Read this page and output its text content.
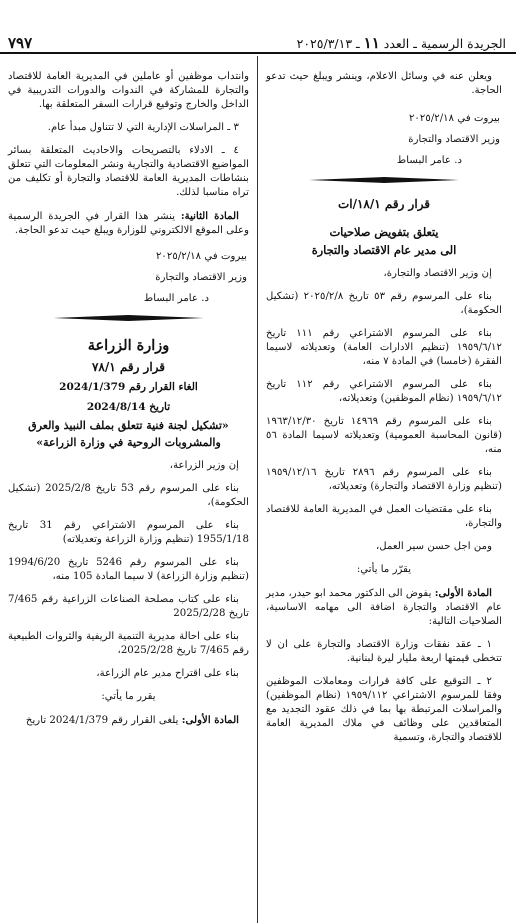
٧٩٧	الجريدة الرسمية ـ العدد ١١ ـ ٢٠٢٥/٣/١٣

ويعلن عنه في وسائل الاعلام، وينشر ويبلغ حيث تدعو الحاجة.

بيروت في ٢٠٢٥/٢/١٨

وزير الاقتصاد والتجارة

د. عامر البساط

قرار رقم ١٨/١/ات

يتعلق بتفويض صلاحيات

الى مدير عام الاقتصاد والتجارة

إن وزير الاقتصاد والتجارة،

بناء على المرسوم رقم ٥٣ تاريخ ٢٠٢٥/٢/٨ (تشكيل الحكومة)،

بناء على المرسوم الاشتراعي رقم ١١١ تاريخ ١٩٥٩/٦/١٢ (تنظيم الادارات العامة) وتعديلاته لاسيما الفقرة (خامسا) في المادة ٧ منه،

بناء على المرسوم الاشتراعي رقم ١١٢ تاريخ ١٩٥٩/٦/١٢ (نظام الموظفين) وتعديلاته،

بناء على المرسوم رقم ١٤٩٦٩ تاريخ ١٩٦٣/١٢/٣٠ (قانون المحاسبة العمومية) وتعديلاته لاسيما المادة ٥٦ منه،

بناء على المرسوم رقم ٢٨٩٦ تاريخ ١٩٥٩/١٢/١٦ (تنظيم وزارة الاقتصاد والتجارة) وتعديلاته،

بناء على مقتضيات العمل في المديرية العامة للاقتصاد والتجارة،

ومن اجل حسن سير العمل،

يقرّر ما يأتي:

المادة الأولى: يفوض الى الدكتور محمد ابو حيدر، مدير عام الاقتصاد والتجارة اضافة الى مهامه الاساسية، الصلاحيات التالية:

١ ـ عقد نفقات وزارة الاقتصاد والتجارة على ان لا تتخطى قيمتها اربعة مليار ليرة لبنانية.

٢ ـ التوقيع على كافة قرارات ومعاملات الموظفين وفقا للمرسوم الاشتراعي ١٩٥٩/١١٢ (نظام الموظفين) والمراسلات المرتبطة بها بما في ذلك عقود التجديد مع المتعاقدين على وظائف في ملاك المديرية العامة للاقتصاد والتجارة، وتسمية

وانتداب موظفين أو عاملين في المديرية العامة للاقتصاد والتجارة للمشاركة في الندوات والدورات التدريبية في الداخل والخارج وتوقيع قرارات السفر المتعلقة بها.

٣ ـ المراسلات الإدارية التي لا تتناول مبدأ عام.

٤ ـ الادلاء بالتصريحات والاحاديث المتعلقة بسائر المواضيع الاقتصادية والتجارية ونشر المعلومات التي تتعلق بنشاطات المديرية العامة للاقتصاد والتجارة أو تكليف من تراه مناسبا لذلك.

المادة الثانية: ينشر هذا القرار في الجريدة الرسمية وعلى الموقع الالكتروني للوزارة ويبلغ حيث تدعو الحاجة.

بيروت في ٢٠٢٥/٢/١٨

وزير الاقتصاد والتجارة

د. عامر البساط

وزارة الزراعة

قرار رقم ٧٨/١

الغاء القرار رقم 2024/1/379

تاريخ 2024/8/14

«تشكيل لجنة فنية تتعلق بملف النبيذ والعرق والمشروبات الروحية في وزارة الزراعة»

إن وزير الزراعة،

بناء على المرسوم رقم 53 تاريخ 2025/2/8 (تشكيل الحكومة)،

بناء على المرسوم الاشتراعي رقم 31 تاريخ 1955/1/18 (تنظيم وزارة الزراعة وتعديلاته)

بناء على المرسوم رقم 5246 تاريخ 1994/6/20 (تنظيم وزارة الزراعة) لا سيما المادة 105 منه،

بناء على كتاب مصلحة الصناعات الزراعية رقم 7/465 تاريخ 2025/2/28

بناء على احالة مديرية التنمية الريفية والثروات الطبيعية رقم 7/465 تاريخ 2025/2/28،

بناء على اقتراح مدير عام الزراعة،

يقرر ما يأتي:

المادة الأولى: يلغى القرار رقم 2024/1/379 تاريخ
